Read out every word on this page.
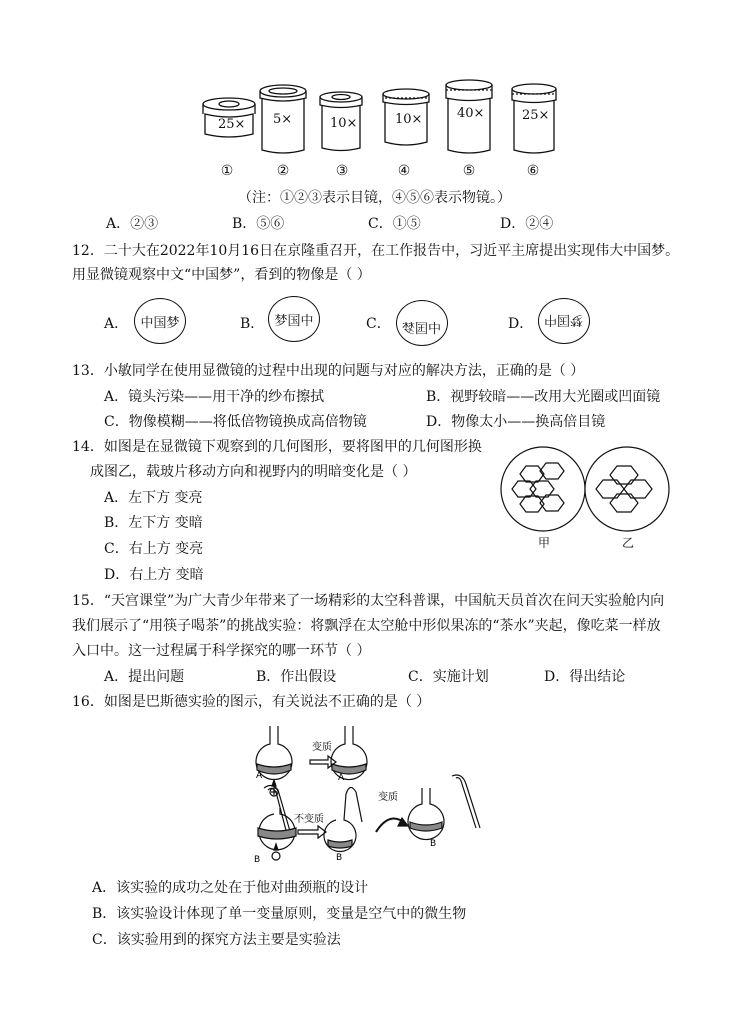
25× 5×	10×	10×	40×	25×
①	②	③	④	⑤	⑥
（注：①②③表示目镜，④⑤⑥表示物镜。）
A．②③	B．⑤⑥	C．①⑤	D．②④
12．二十大在2022年10月16日在京隆重召开，在工作报告中，习近平主席提出实现伟大中国梦。
用显微镜观察中文“中国梦”，看到的物像是（ ）
A． 中国梦	B． 梦国中	C． 中国梦	D． 梦国中
13．小敏同学在使用显微镜的过程中出现的问题与对应的解决方法，正确的是（ ）
A．镜头污染——用干净的纱布擦拭	B．视野较暗——改用大光圈或凹面镜
C．物像模糊——将低倍物镜换成高倍物镜	D．物像太小——换高倍目镜
14．如图是在显微镜下观察到的几何图形，要将图甲的几何图形换
成图乙，载玻片移动方向和视野内的明暗变化是（ ）
A．左下方 变亮
B．左下方 变暗
C．右上方 变亮
D．右上方 变暗
甲	乙
15．“天宫课堂”为广大青少年带来了一场精彩的太空科普课，中国航天员首次在问天实验舱内向
我们展示了“用筷子喝茶”的挑战实验：将飘浮在太空舱中形似果冻的“茶水”夹起，像吃菜一样放
入口中。这一过程属于科学探究的哪一环节（ ）
A．提出问题	B．作出假设	C．实施计划	D．得出结论
16．如图是巴斯德实验的图示，有关说法不正确的是（ ）
变质
A	A
不变质
变质
B	B
B
A．该实验的成功之处在于他对曲颈瓶的设计
B．该实验设计体现了单一变量原则，变量是空气中的微生物
C．该实验用到的探究方法主要是实验法
